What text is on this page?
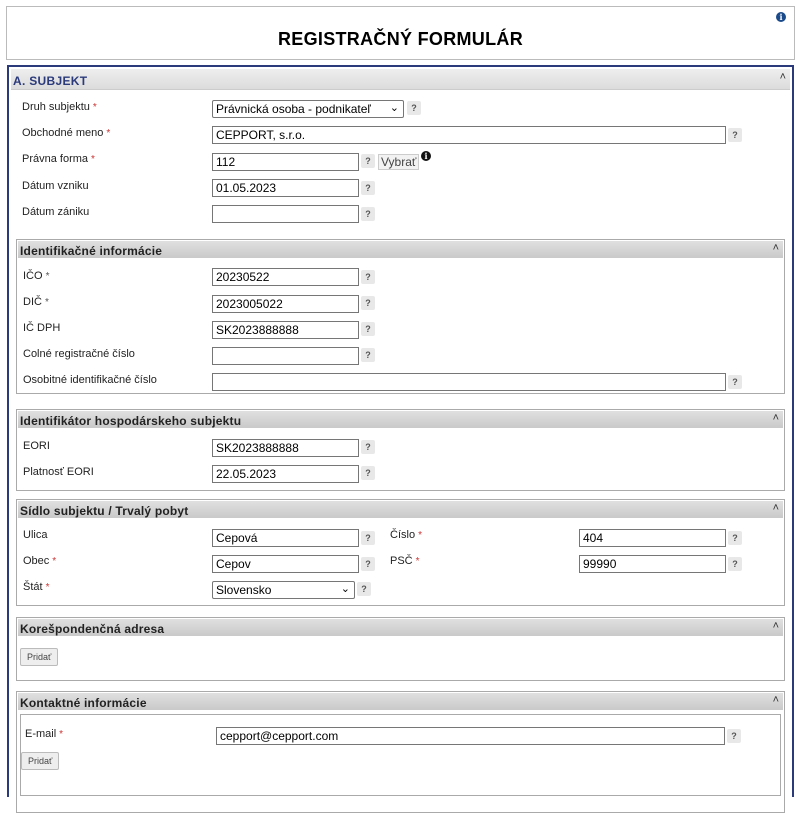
REGISTRAČNÝ FORMULÁR
i
A. SUBJEKT	˄
Druh subjektu *	Právnická osoba - podnikateľ ⌄	?
Obchodné meno *	CEPPORT, s.r.o.	?
Právna forma *	112	? Vybrať	i
Dátum vzniku	01.05.2023	?
Dátum zániku	?
Identifikačné informácie	˄
IČO *	20230522	?
DIČ *	2023005022	?
IČ DPH	SK2023888888	?
Colné registračné číslo	?
Osobitné identifikačné číslo	?
Identifikátor hospodárskeho subjektu	˄
EORI	SK2023888888	?
Platnosť EORI	22.05.2023	?
Sídlo subjektu / Trvalý pobyt	˄
Ulica	Cepová	?	Číslo *	404	?
Obec *	Cepov	?	PSČ *	99990	?
Štát *	Slovensko	⌄	?
Korešpondenčná adresa	˄
Pridať
Kontaktné informácie	˄
E-mail *	cepport@cepport.com	?
Pridať
